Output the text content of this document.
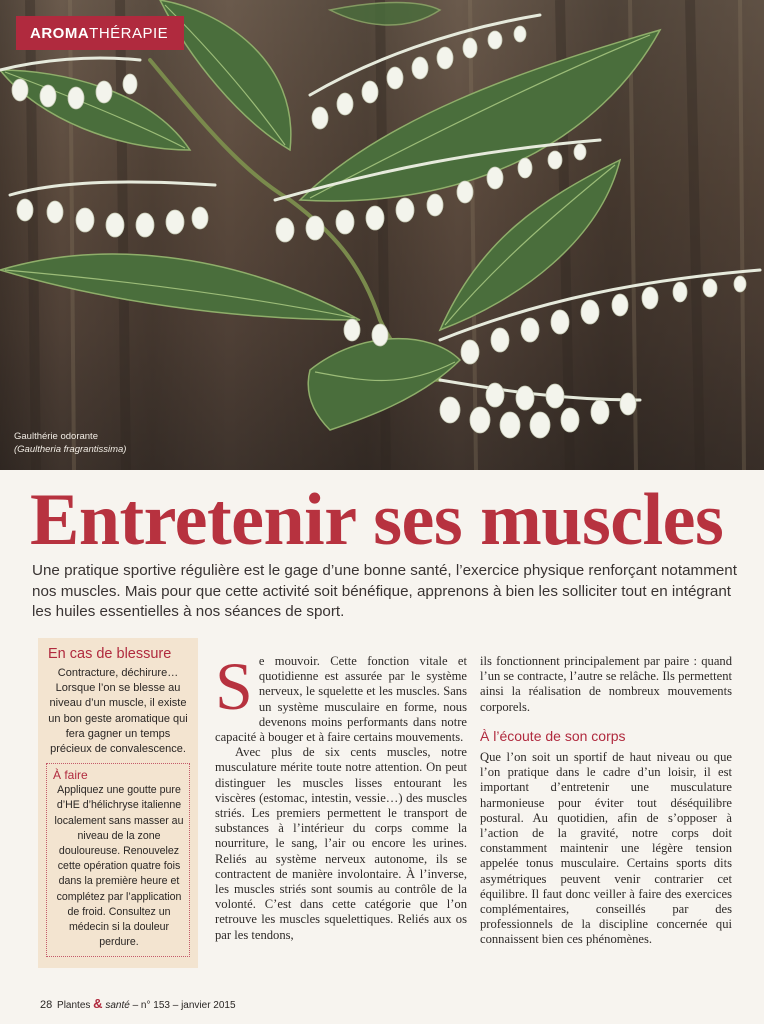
AROMA THÉRAPIE
Gaulthérie odorante
(Gaultheria fragrantissima)
Entretenir ses muscles

Une pratique sportive régulière est le gage d’une bonne santé, l’exercice physique renforçant notamment nos muscles. Mais pour que cette activité soit bénéfique, apprenons à bien les solliciter tout en intégrant les huiles essentielles à nos séances de sport.

En cas de blessure

Contracture, déchirure… Lorsque l’on se blesse au niveau d’un muscle, il existe un bon geste aromatique qui fera gagner un temps précieux de convalescence.

À faire

Appliquez une goutte pure d’HE d’hélichryse italienne localement sans masser au niveau de la zone douloureuse. Renouvelez cette opération quatre fois dans la première heure et complétez par l’application de froid. Consultez un médecin si la douleur perdure.

Se mouvoir. Cette fonction vitale et quotidienne est assurée par le système nerveux, le squelette et les muscles. Sans un système musculaire en forme, nous devenons moins performants dans notre capacité à bouger et à faire certains mouvements.

Avec plus de six cents muscles, notre musculature mérite toute notre attention. On peut distinguer les muscles lisses entourant les viscères (estomac, intestin, vessie…) des muscles striés. Les premiers permettent le transport de substances à l’intérieur du corps comme la nourriture, le sang, l’air ou encore les urines. Reliés au système nerveux autonome, ils se contractent de manière involontaire. À l’inverse, les muscles striés sont soumis au contrôle de la volonté. C’est dans cette catégorie que l’on retrouve les muscles squelettiques. Reliés aux os par les tendons,

ils fonctionnent principalement par paire : quand l’un se contracte, l’autre se relâche. Ils permettent ainsi la réalisation de nombreux mouvements corporels.

À l’écoute de son corps

Que l’on soit un sportif de haut niveau ou que l’on pratique dans le cadre d’un loisir, il est important d’entretenir une musculature harmonieuse pour éviter tout déséquilibre postural. Au quotidien, afin de s’opposer à l’action de la gravité, notre corps doit constamment maintenir une légère tension appelée tonus musculaire. Certains sports dits asymétriques peuvent venir contrarier cet équilibre. Il faut donc veiller à faire des exercices complémentaires, conseillés par des professionnels de la discipline concernée qui connaissent bien ces phénomènes.

28 Plantes & santé – n° 153 – janvier 2015
